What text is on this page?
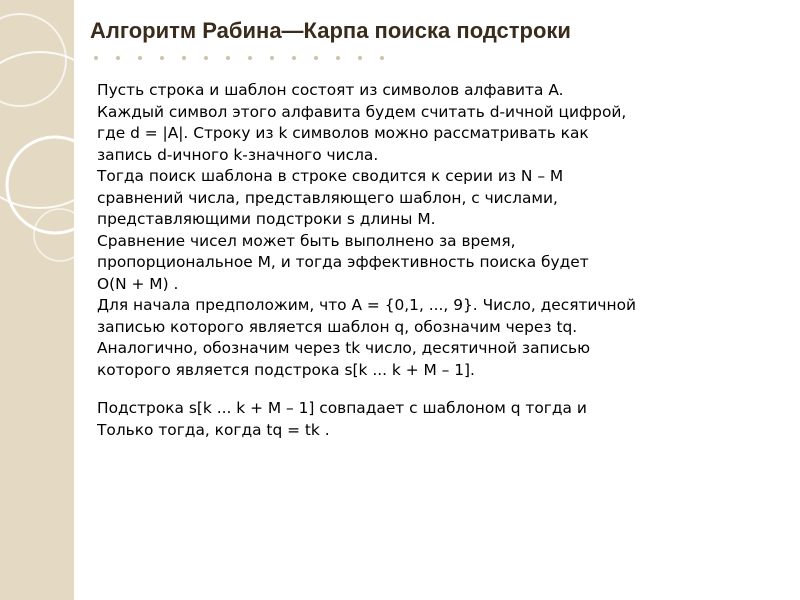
Алгоритм Рабина—Карпа поиска подстроки
Пусть строка и шаблон состоят из символов алфавита A.
Каждый символ этого алфавита будем считать d-ичной цифрой,
где d = |A|. Строку из k символов можно рассматривать как
запись d-ичного k-значного числа.
Тогда поиск шаблона в строке сводится к серии из N – M
сравнений числа, представляющего шаблон, с числами,
представляющими подстроки s длины M.
Сравнение чисел может быть выполнено за время,
пропорциональное M, и тогда эффективность поиска будет
O(N + M) .
Для начала предположим, что A = {0,1, ..., 9}. Число, десятичной
записью которого является шаблон q, обозначим через tq.
Аналогично, обозначим через tk число, десятичной записью
которого является подстрока s[k ... k + M – 1].
Подстрока s[k ... k + M – 1] совпадает с шаблоном q тогда и
Только тогда, когда tq = tk .
